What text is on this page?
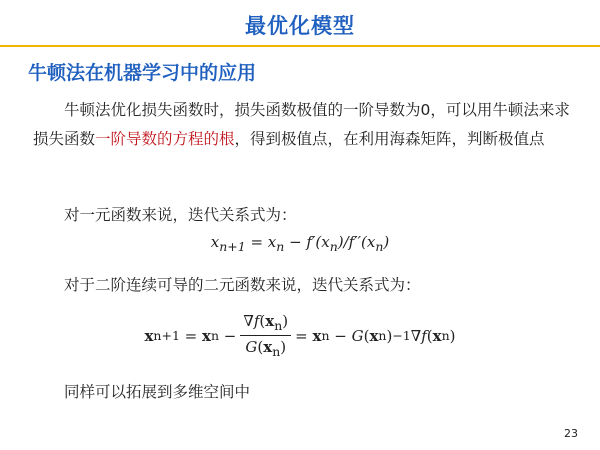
最优化模型
牛顿法在机器学习中的应用
牛顿法优化损失函数时，损失函数极值的一阶导数为0，可以用牛顿法来求损失函数一阶导数的方程的根，得到极值点，在利用海森矩阵，判断极值点
对一元函数来说，迭代关系式为：
$x_{n+1} = x_n - f'(x_n)/f''(x_n)$
对于二阶连续可导的二元函数来说，迭代关系式为：
x n+1 = x $n - \frac{\nabla f(x_n)}{G(x_n)} = x$ n − G ( x n ) −1 ∇f ( x n )
同样可以拓展到多维空间中
23
